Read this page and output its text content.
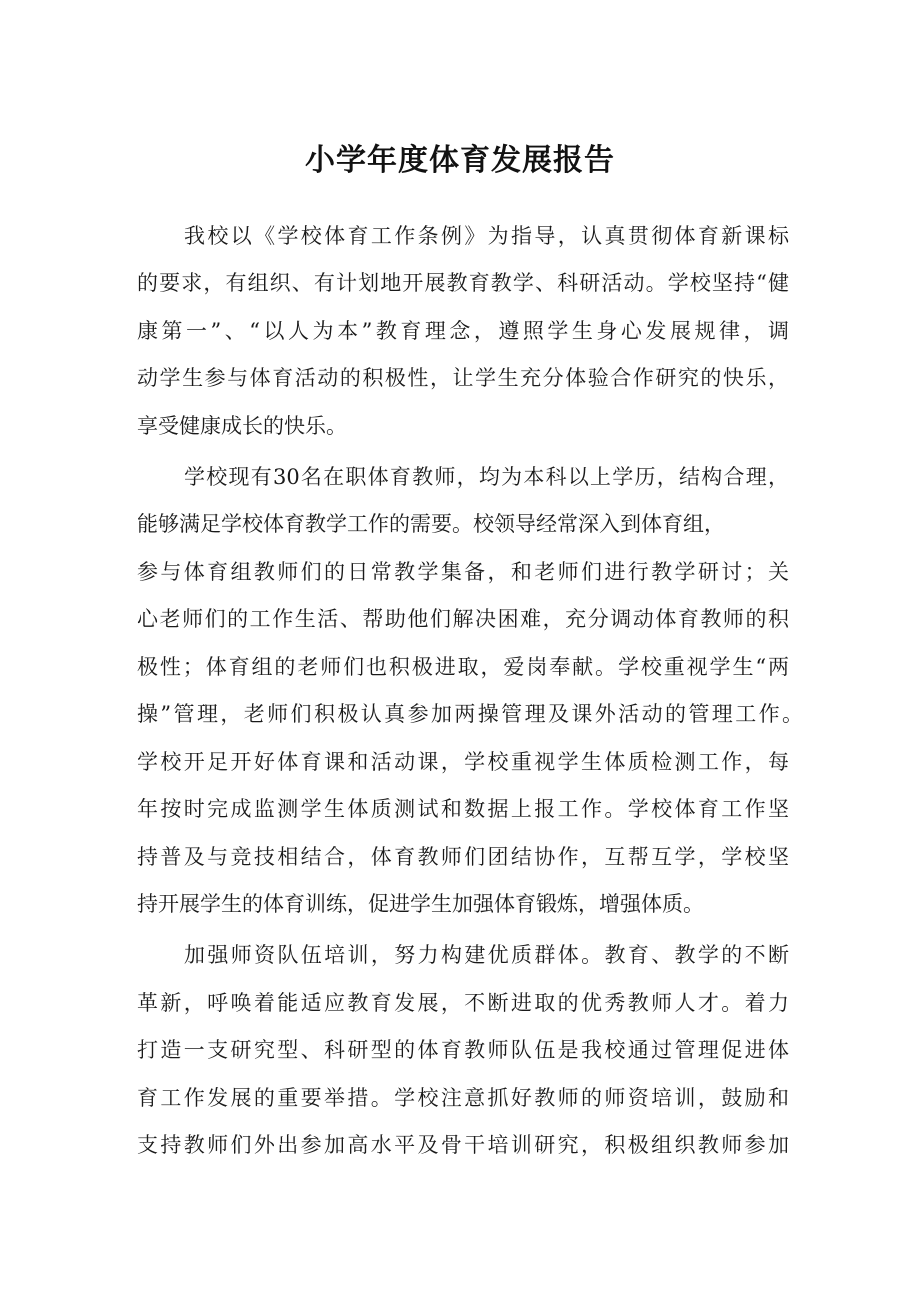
小学年度体育发展报告

我校以《学校体育工作条例》为指导，认真贯彻体育新课标

的要求，有组织、有计划地开展教育教学、科研活动。学校坚持“健

康第一”、“以人为本”教育理念，遵照学生身心发展规律，调

动学生参与体育活动的积极性，让学生充分体验合作研究的快乐，

享受健康成长的快乐。

学校现有30名在职体育教师，均为本科以上学历，结构合理，

能够满足学校体育教学工作的需要。校领导经常深入到体育组，

参与体育组教师们的日常教学集备，和老师们进行教学研讨；关

心老师们的工作生活、帮助他们解决困难，充分调动体育教师的积

极性；体育组的老师们也积极进取，爱岗奉献。学校重视学生“两

操”管理，老师们积极认真参加两操管理及课外活动的管理工作。

学校开足开好体育课和活动课，学校重视学生体质检测工作，每

年按时完成监测学生体质测试和数据上报工作。学校体育工作坚

持普及与竞技相结合，体育教师们团结协作，互帮互学，学校坚

持开展学生的体育训练，促进学生加强体育锻炼，增强体质。

加强师资队伍培训，努力构建优质群体。教育、教学的不断

革新，呼唤着能适应教育发展，不断进取的优秀教师人才。着力

打造一支研究型、科研型的体育教师队伍是我校通过管理促进体

育工作发展的重要举措。学校注意抓好教师的师资培训，鼓励和

支持教师们外出参加高水平及骨干培训研究，积极组织教师参加
